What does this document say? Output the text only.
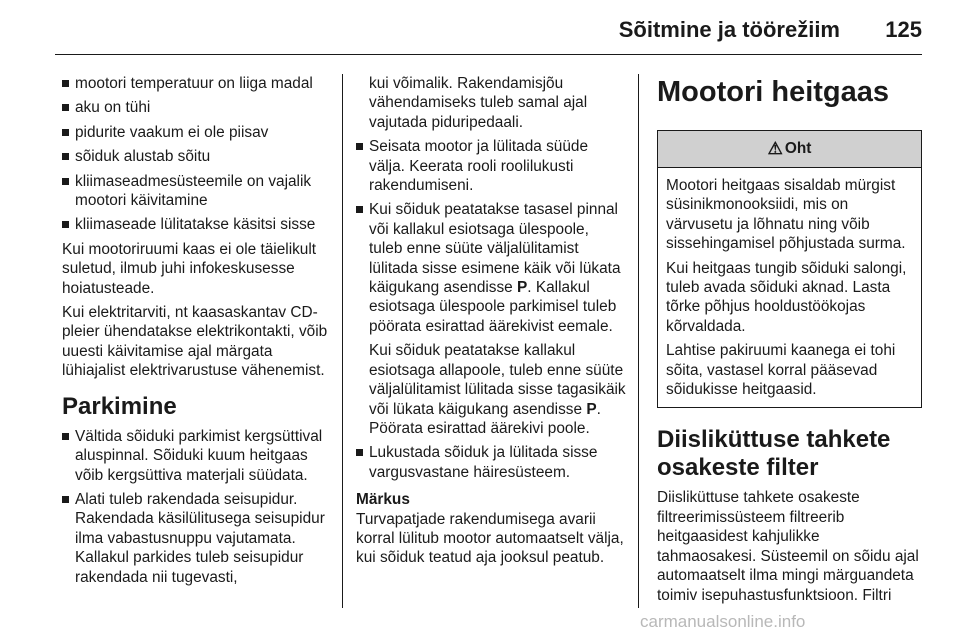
Sõitmine ja töörežiim 125
mootori temperatuur on liiga madal
aku on tühi
pidurite vaakum ei ole piisav
sõiduk alustab sõitu
kliimaseadmesüsteemile on vajalik mootori käivitamine
kliimaseade lülitatakse käsitsi sisse

Kui mootoriruumi kaas ei ole täielikult suletud, ilmub juhi infokeskusesse hoiatusteade.

Kui elektritarviti, nt kaasaskantav CD-pleier ühendatakse elektrikontakti, võib uuesti käivitamise ajal märgata lühiajalist elektrivarustuse vähenemist.

Parkimine
Vältida sõiduki parkimist kergsüttival aluspinnal. Sõiduki kuum heitgaas võib kergsüttiva materjali süüdata.
Alati tuleb rakendada seisupidur. Rakendada käsilülitusega seisupidur ilma vabastusnuppu vajutamata. Kallakul parkides tuleb seisupidur rakendada nii tugevasti,

kui võimalik. Rakendamisjõu vähendamiseks tuleb samal ajal vajutada piduripedaali.

Seisata mootor ja lülitada süüde välja. Keerata rooli roolilukusti rakendumiseni.
Kui sõiduk peatatakse tasasel pinnal või kallakul esiotsaga ülespoole, tuleb enne süüte väljalülitamist lülitada sisse esimene käik või lükata käigukang asendisse P. Kallakul esiotsaga ülespoole parkimisel tuleb pöörata esirattad äärekivist eemale.

Kui sõiduk peatatakse kallakul esiotsaga allapoole, tuleb enne süüte väljalülitamist lülitada sisse tagasikäik või lükata käigukang asendisse P. Pöörata esirattad äärekivi poole.

Lukustada sõiduk ja lülitada sisse vargusvastane häiresüsteem.
Märkus

Turvapatjade rakendumisega avarii korral lülitub mootor automaatselt välja, kui sõiduk teatud aja jooksul peatub.

Mootori heitgaas
⚠ Oht

Mootori heitgaas sisaldab mürgist süsinikmonooksiidi, mis on värvusetu ja lõhnatu ning võib sissehingamisel põhjustada surma.

Kui heitgaas tungib sõiduki salongi, tuleb avada sõiduki aknad. Lasta tõrke põhjus hooldustöökojas kõrvaldada.

Lahtise pakiruumi kaanega ei tohi sõita, vastasel korral pääsevad sõidukisse heitgaasid.

Diisliküttuse tahkete osakeste filter

Diisliküttuse tahkete osakeste filtreerimissüsteem filtreerib heitgaasidest kahjulikke tahmaosakesi. Süsteemil on sõidu ajal automaatselt ilma mingi märguandeta toimiv isepuhastusfunktsioon. Filtri

carmanualsonline.info
